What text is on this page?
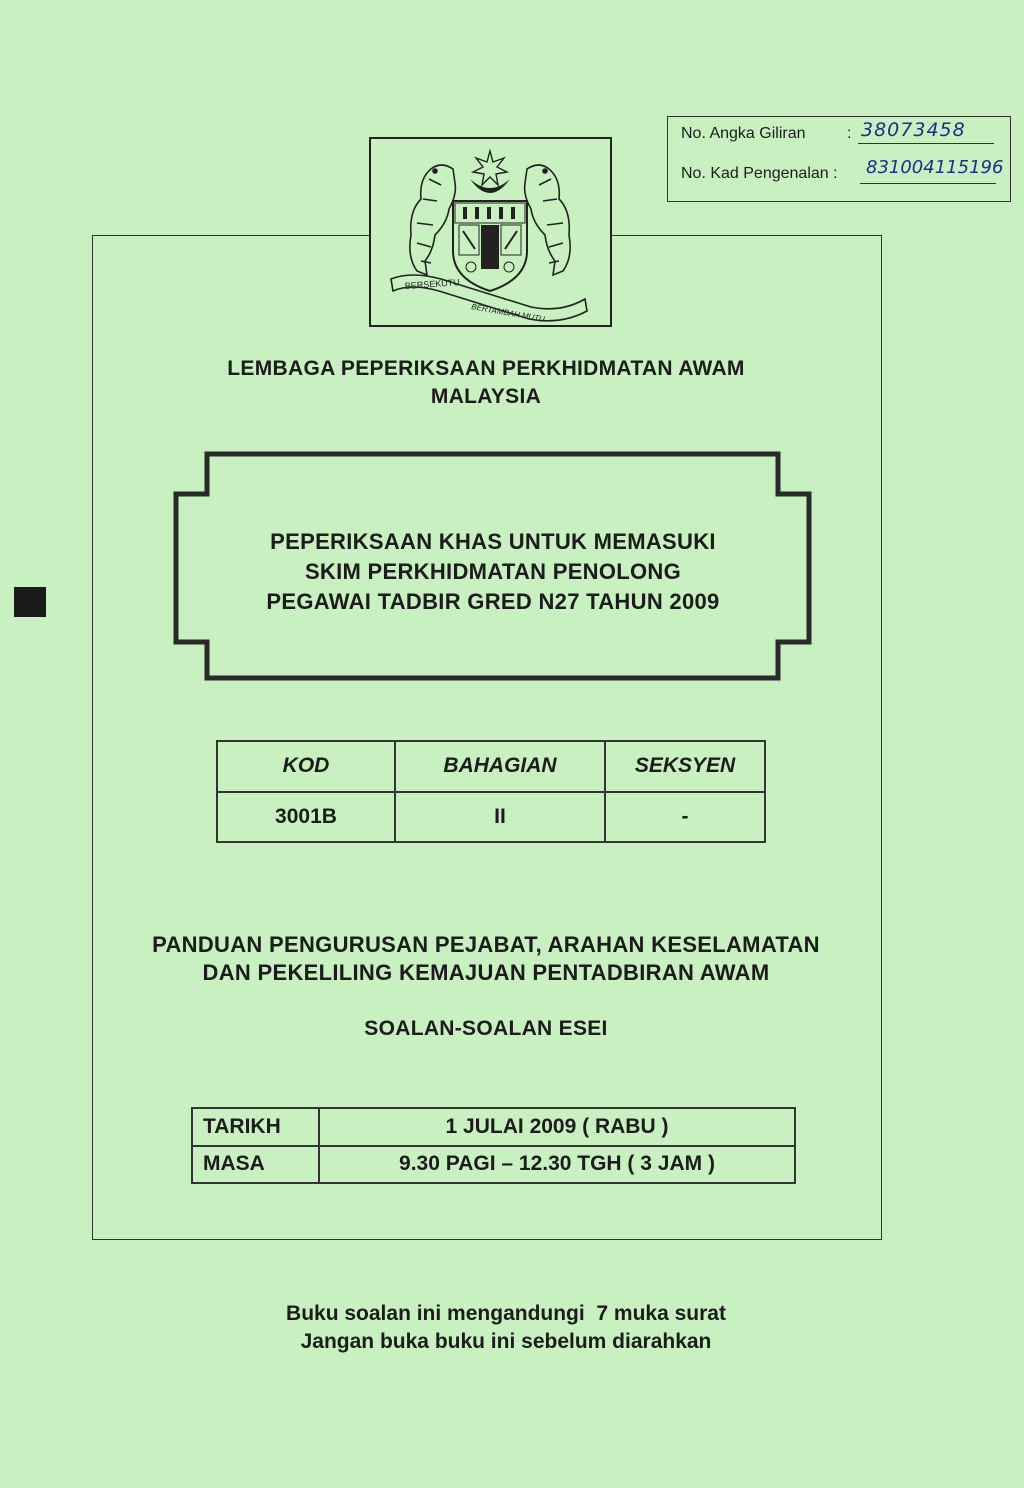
BERSEKUTU
BERTAMBAH MUTU
No. Angka Giliran	: 38073458
No. Kad Pengenalan : 831004115196
LEMBAGA PEPERIKSAAN PERKHIDMATAN AWAM
MALAYSIA
PEPERIKSAAN KHAS UNTUK MEMASUKI
SKIM PERKHIDMATAN PENOLONG
PEGAWAI TADBIR GRED N27 TAHUN 2009
KOD	BAHAGIAN	SEKSYEN
3001B	II	-
PANDUAN PENGURUSAN PEJABAT, ARAHAN KESELAMATAN
DAN PEKELILING KEMAJUAN PENTADBIRAN AWAM
SOALAN-SOALAN ESEI
TARIKH	1 JULAI 2009 ( RABU )
MASA	9.30 PAGI – 12.30 TGH ( 3 JAM )
Buku soalan ini mengandungi  7 muka surat
Jangan buka buku ini sebelum diarahkan
